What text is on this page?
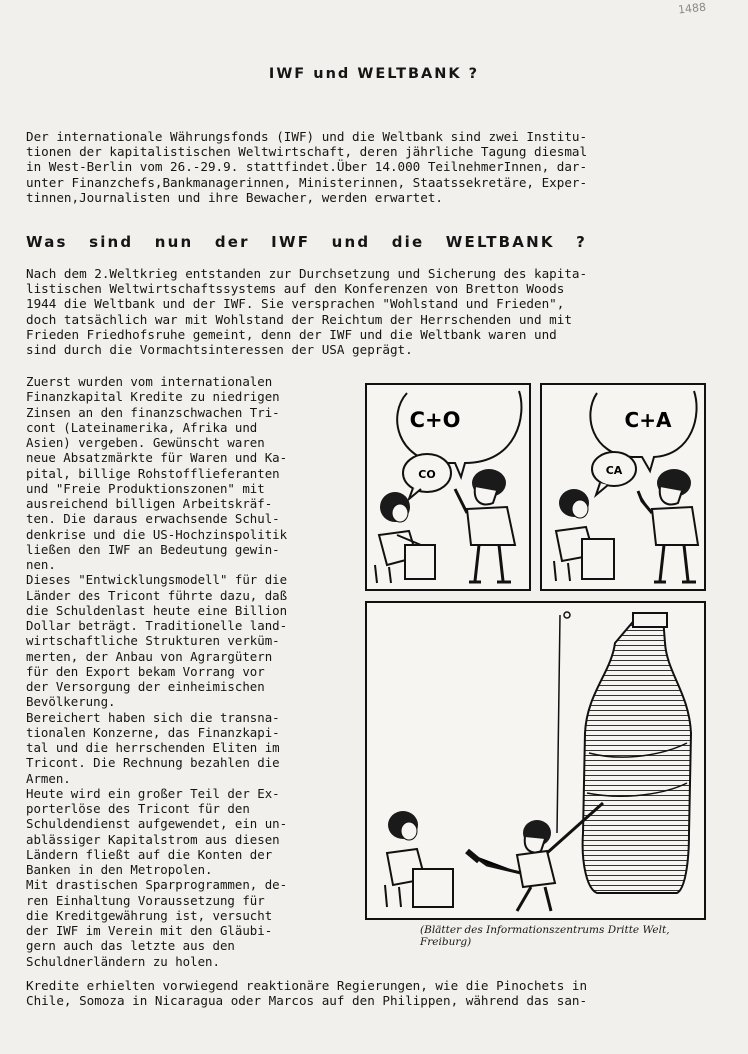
1488
IWF und WELTBANK ?

Der internationale Währungsfonds (IWF) und die Weltbank sind zwei Institu-
tionen der kapitalistischen Weltwirtschaft, deren jährliche Tagung diesmal
in West-Berlin vom 26.-29.9. stattfindet.Über 14.000 TeilnehmerInnen, dar-
unter Finanzchefs,Bankmanagerinnen, Ministerinnen, Staatssekretäre, Exper-
tinnen,Journalisten und ihre Bewacher, werden erwartet.

Was sind nun der IWF und die WELTBANK ?

Nach dem 2.Weltkrieg entstanden zur Durchsetzung und Sicherung des kapita-
listischen Weltwirtschaftssystems auf den Konferenzen von Bretton Woods
1944 die Weltbank und der IWF. Sie versprachen "Wohlstand und Frieden",
doch tatsächlich war mit Wohlstand der Reichtum der Herrschenden und mit
Frieden Friedhofsruhe gemeint, denn der IWF und die Weltbank waren und
sind durch die Vormachtsinteressen der USA geprägt.

Zuerst wurden vom internationalen
Finanzkapital Kredite zu niedrigen
Zinsen an den finanzschwachen Tri-
cont (Lateinamerika, Afrika und
Asien) vergeben. Gewünscht waren
neue Absatzmärkte für Waren und Ka-
pital, billige Rohstofflieferanten
und "Freie Produktionszonen" mit
ausreichend billigen Arbeitskräf-
ten. Die daraus erwachsende Schul-
denkrise und die US-Hochzinspolitik
ließen den IWF an Bedeutung gewin-
nen.
Dieses "Entwicklungsmodell" für die
Länder des Tricont führte dazu, daß
die Schuldenlast heute eine Billion
Dollar beträgt. Traditionelle land-
wirtschaftliche Strukturen verküm-
merten, der Anbau von Agrargütern
für den Export bekam Vorrang vor
der Versorgung der einheimischen
Bevölkerung.
Bereichert haben sich die transna-
tionalen Konzerne, das Finanzkapi-
tal und die herrschenden Eliten im
Tricont. Die Rechnung bezahlen die
Armen.
Heute wird ein großer Teil der Ex-
porterlöse des Tricont für den
Schuldendienst aufgewendet, ein un-
ablässiger Kapitalstrom aus diesen
Ländern fließt auf die Konten der
Banken in den Metropolen.
Mit drastischen Sparprogrammen, de-
ren Einhaltung Voraussetzung für
die Kreditgewährung ist, versucht
der IWF im Verein mit den Gläubi-
gern auch das letzte aus den
Schuldnerländern zu holen.

C+O
CO
C+A
CA
(Blätter des Informationszentrums Dritte Welt, Freiburg)

Kredite erhielten vorwiegend reaktionäre Regierungen, wie die Pinochets in
Chile, Somoza in Nicaragua oder Marcos auf den Philippen, während das san-
